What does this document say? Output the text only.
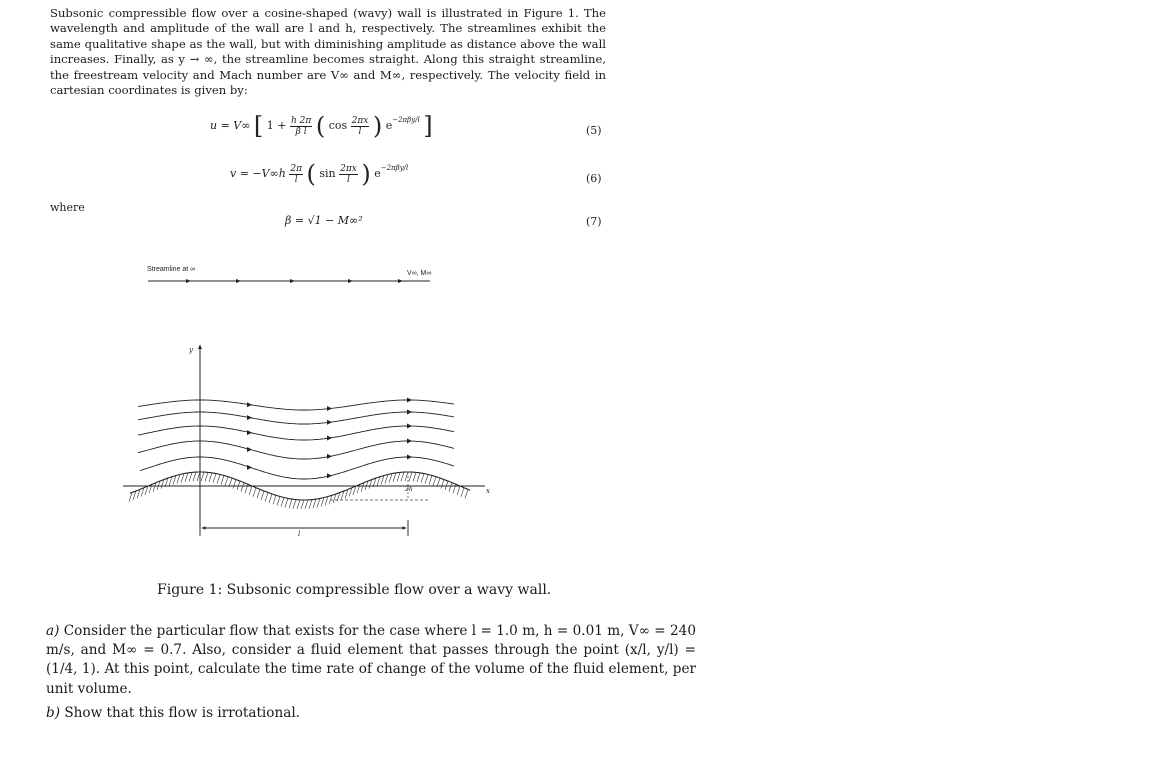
Subsonic compressible flow over a cosine-shaped (wavy) wall is illustrated in Figure 1. The wavelength and amplitude of the wall are l and h, respectively. The streamlines exhibit the same qualitative shape as the wall, but with diminishing amplitude as distance above the wall increases. Finally, as y → ∞, the streamline becomes straight. Along this straight streamline, the freestream velocity and Mach number are V∞ and M∞, respectively. The velocity field in cartesian coordinates is given by:
u = V∞ [ $1 + \frac{h 2\pi}{\text{β l}}$ ( $\cos \frac{2\pi x}{l}$ ) $e^{-2\pi\beta y/l}$ ]	(5)
$v = -V\infty h \frac{2\pi}{l}$ ( $\sin \frac{2\pi x}{l}$ ) $e^{-2\pi\beta y/l}$
(6)
where
β = √1 − M∞²	(7)
Streamline at ∞
V∞, M∞
y
x
2h
l
Figure 1: Subsonic compressible flow over a wavy wall.
a) Consider the particular flow that exists for the case where l = 1.0 m, h = 0.01 m, V∞ = 240 m/s, and M∞ = 0.7. Also, consider a fluid element that passes through the point (x/l, y/l) = (1/4, 1). At this point, calculate the time rate of change of the volume of the fluid element, per unit volume.
b) Show that this flow is irrotational.
